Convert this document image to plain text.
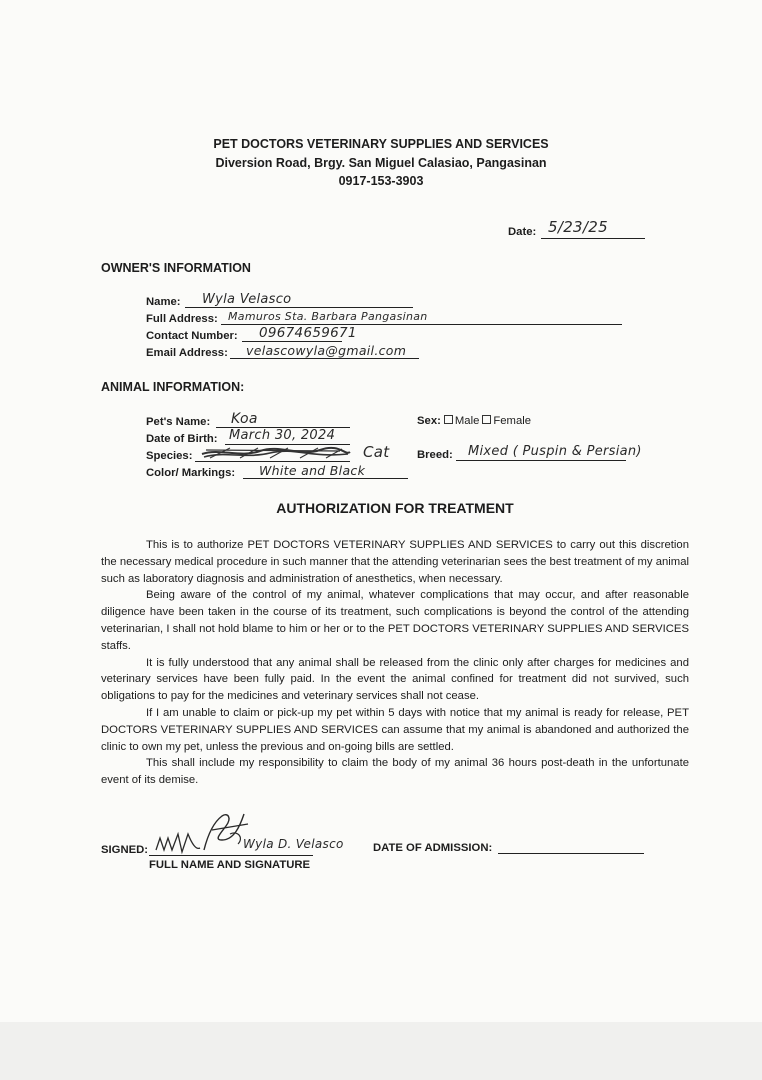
PET DOCTORS VETERINARY SUPPLIES AND SERVICES
Diversion Road, Brgy. San Miguel Calasiao, Pangasinan
0917-153-3903
Date: 5/23/25
OWNER'S INFORMATION
Name: Wyla Velasco
Full Address: Mamuros Sta. Barbara Pangasinan
Contact Number: 09674659671
Email Address: velascowyla@gmail.com
ANIMAL INFORMATION:
Pet's Name: Koa
Date of Birth: March 30, 2024
Species:	Cat
Color/ Markings: White and Black
Sex: Male Female
Breed: Mixed ( Puspin & Persian)
AUTHORIZATION FOR TREATMENT

This is to authorize PET DOCTORS VETERINARY SUPPLIES AND SERVICES to carry out this discretion the necessary medical procedure in such manner that the attending veterinarian sees the best treatment of my animal such as laboratory diagnosis and administration of anesthetics, when necessary.

Being aware of the control of my animal, whatever complications that may occur, and after reasonable diligence have been taken in the course of its treatment, such complications is beyond the control of the attending veterinarian, I shall not hold blame to him or her or to the PET DOCTORS VETERINARY SUPPLIES AND SERVICES staffs.

It is fully understood that any animal shall be released from the clinic only after charges for medicines and veterinary services have been fully paid. In the event the animal confined for treatment did not survived, such obligations to pay for the medicines and veterinary services shall not cease.

If I am unable to claim or pick-up my pet within 5 days with notice that my animal is ready for release, PET DOCTORS VETERINARY SUPPLIES AND SERVICES can assume that my animal is abandoned and authorized the clinic to own my pet, unless the previous and on-going bills are settled.

This shall include my responsibility to claim the body of my animal 36 hours post-death in the unfortunate event of its demise.

SIGNED:	Wyla D. Velasco
FULL NAME AND SIGNATURE
DATE OF ADMISSION:
